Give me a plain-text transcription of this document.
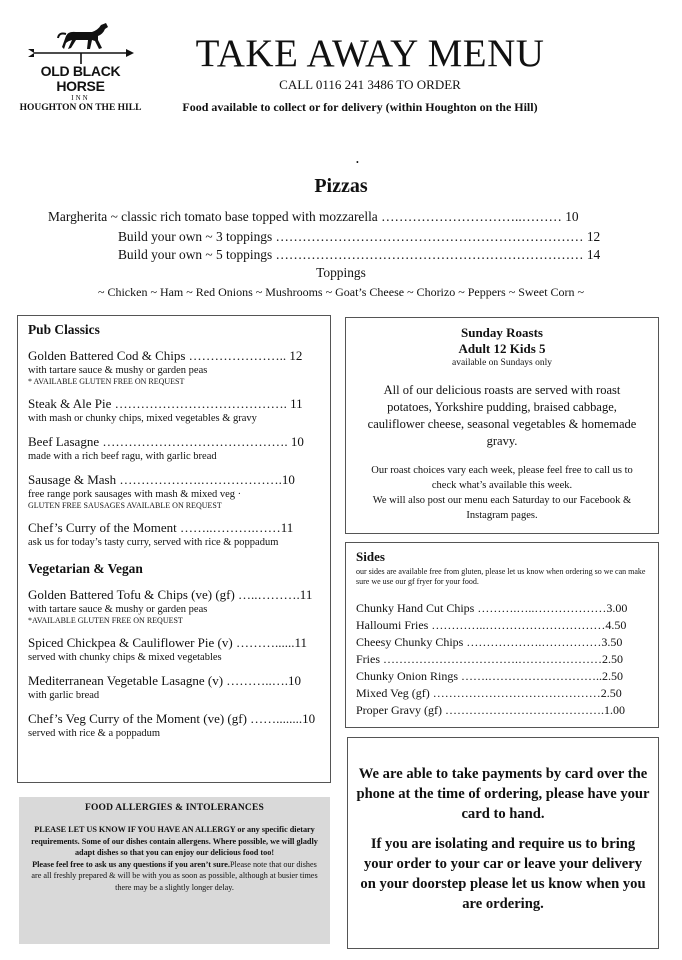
OLD BLACK HORSE
INN
HOUGHTON ON THE HILL
TAKE AWAY MENU
CALL 0116 241 3486 TO ORDER
Food available to collect or for delivery (within Houghton on the Hill)
•
Pizzas
Margherita ~ classic rich tomato base topped with mozzarella …………………………..……… 10
Build your own ~ 3 toppings …………………………………………………………… 12
Build your own ~ 5 toppings …………………………………………………………… 14
Toppings
~ Chicken ~ Ham ~ Red Onions ~ Mushrooms ~ Goat’s Cheese ~ Chorizo ~ Peppers ~ Sweet Corn ~
Pub Classics
Golden Battered Cod & Chips ………………….. 12
with tartare sauce & mushy or garden peas
* AVAILABLE GLUTEN FREE ON REQUEST
Steak & Ale Pie …………………………………. 11
with mash or chunky chips, mixed vegetables & gravy
Beef Lasagne ……………………………………. 10
made with a rich beef ragu, with garlic bread
Sausage & Mash ……………….……………….10
free range pork sausages with mash & mixed veg ·
GLUTEN FREE SAUSAGES AVAILABLE ON REQUEST
Chef’s Curry of the Moment ……..……….……11
ask us for today’s tasty curry, served with rice & poppadum
Vegetarian & Vegan
Golden Battered Tofu & Chips (ve) (gf) …..……….11
with tartare sauce & mushy or garden peas
*AVAILABLE GLUTEN FREE ON REQUEST
Spiced Chickpea & Cauliflower Pie (v) ………......11
served with chunky chips & mixed vegetables
Mediterranean Vegetable Lasagne (v) ………..….10
with garlic bread
Chef’s Veg Curry of the Moment (ve) (gf) ……........10
served with rice & a poppadum
FOOD ALLERGIES & INTOLERANCES
PLEASE LET US KNOW IF YOU HAVE AN ALLERGY or any specific dietary requirements. Some of our dishes contain allergens. Where possible, we will gladly adapt dishes so that you can enjoy our delicious food too!
Please feel free to ask us any questions if you aren’t sure.Please note that our dishes are all freshly prepared & will be with you as soon as possible, although at busier times there may be a slightly longer delay.
Sunday Roasts
Adult 12 Kids 5
available on Sundays only
All of our delicious roasts are served with roast potatoes, Yorkshire pudding, braised cabbage, cauliflower cheese, seasonal vegetables & homemade gravy.
Our roast choices vary each week, please feel free to call us to check what’s available this week.
We will also post our menu each Saturday to our Facebook & Instagram pages.
Sides
our sides are available free from gluten, please let us know when ordering so we can make sure we use our gf fryer for your food.
Chunky Hand Cut Chips ……….…..………………3.00
Halloumi Fries …………..…………………………4.50
Cheesy Chunky Chips ……………….……………3.50
Fries …………………………….…………………2.50
Chunky Onion Rings …….………………………..2.50
Mixed Veg (gf) ……………………………………2.50
Proper Gravy (gf) ………………………………….1.00

We are able to take payments by card over the phone at the time of ordering, please have your card to hand.

If you are isolating and require us to bring your order to your car or leave your delivery on your doorstep please let us know when you are ordering.
